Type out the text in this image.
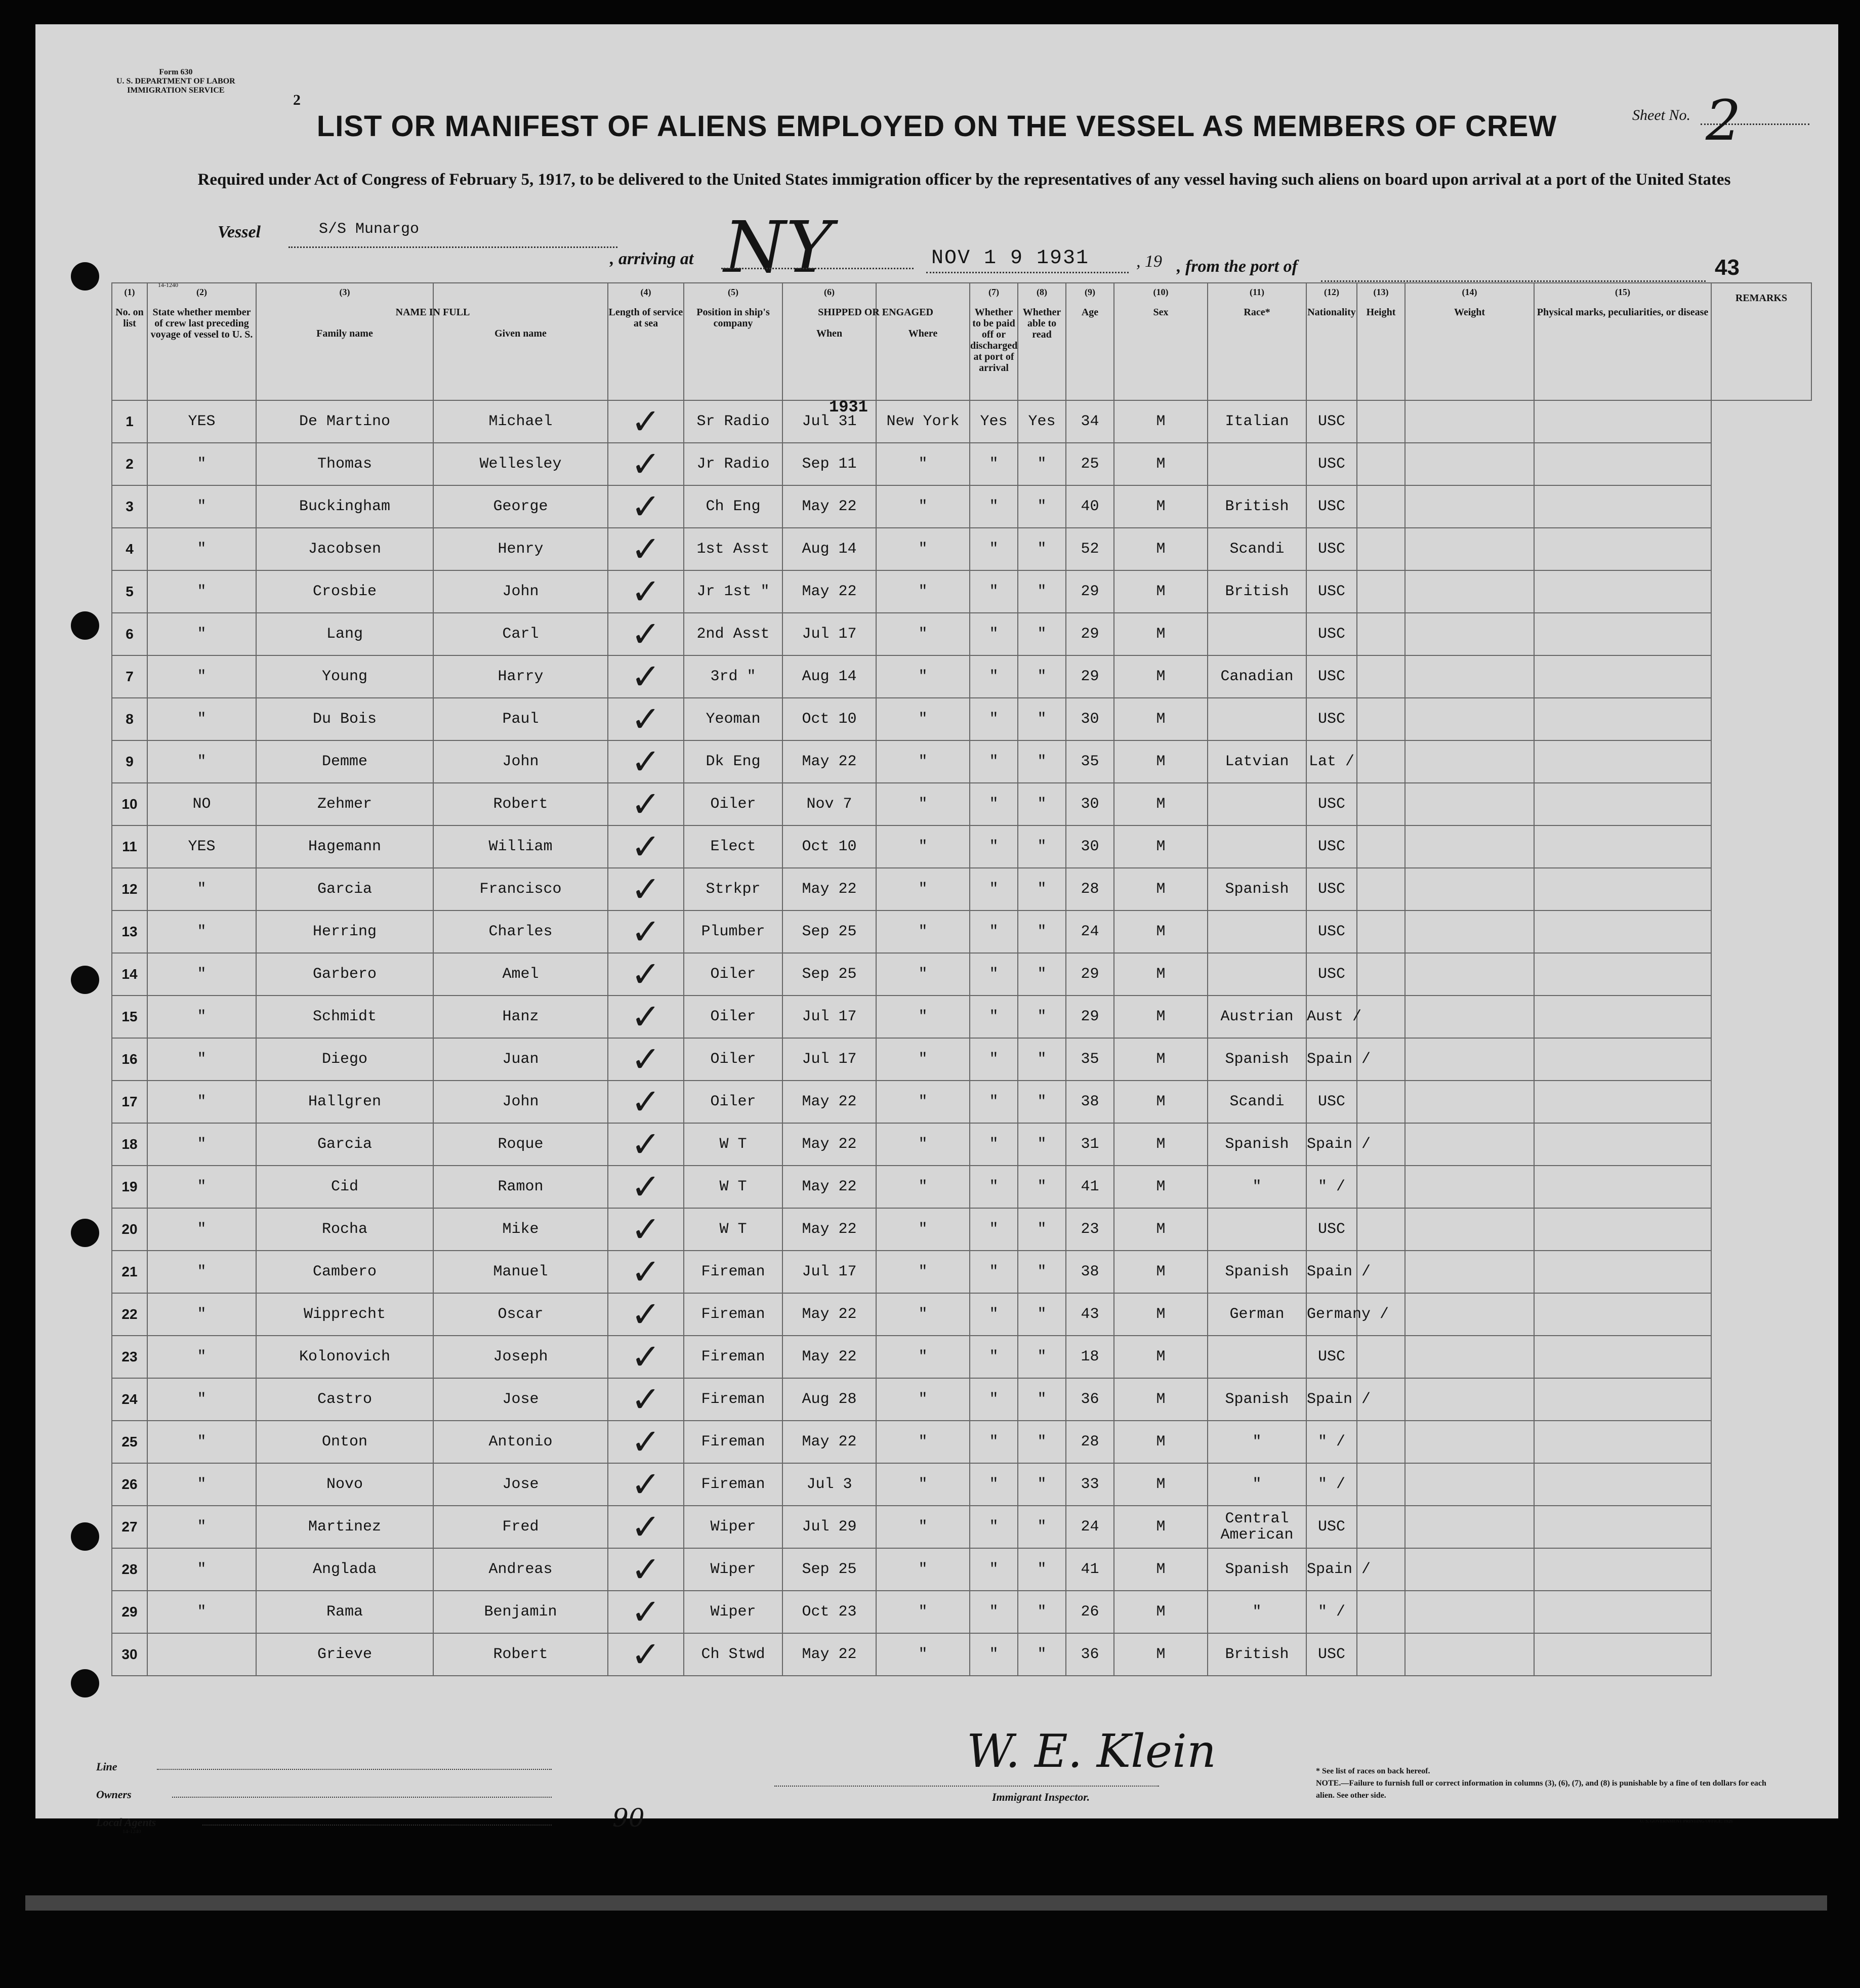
Form 630
U. S. DEPARTMENT OF LABOR
IMMIGRATION SERVICE
2
LIST OR MANIFEST OF ALIENS EMPLOYED ON THE VESSEL AS MEMBERS OF CREW	Sheet No. 2
Required under Act of Congress of February 5, 1917, to be delivered to the United States immigration officer by the representatives of any vessel having such aliens on board upon arrival at a port of the United States
Vessel	S/S Munargo
, arriving at NY	NOV 1 9 1931	, 19 , from the port of	43
14-1240
(1)
No. on list	(2)
State whether member of crew last preceding voyage of vessel to U. S.	(3)
NAME IN FULL
Family name	Given name	(4)
Length of service at sea	(5)
Position in ship's company	(6)
SHIPPED OR ENGAGED
When	Where	(7)
Whether to be paid off or discharged at port of arrival	(8)
Whether able to read	(9)
Age	(10)
Sex	(11)
Race*	(12)
Nationality	(13)
Height	(14)
Weight	(15)
Physical marks, peculiarities, or disease	REMARKS

1	YES	De Martino	Michael	✓	Sr Radio	Jul 31	New York	Yes	Yes	34	M	Italian	USC				
2	"	Thomas	Wellesley	✓	Jr Radio	Sep 11	"	"	"	25	M		USC				
3	"	Buckingham	George	✓	Ch Eng	May 22	"	"	"	40	M	British	USC				
4	"	Jacobsen	Henry	✓	1st Asst	Aug 14	"	"	"	52	M	Scandi	USC				
5	"	Crosbie	John	✓	Jr 1st "	May 22	"	"	"	29	M	British	USC				
6	"	Lang	Carl	✓	2nd Asst	Jul 17	"	"	"	29	M		USC				
7	"	Young	Harry	✓	3rd "	Aug 14	"	"	"	29	M	Canadian	USC				
8	"	Du Bois	Paul	✓	Yeoman	Oct 10	"	"	"	30	M		USC				
9	"	Demme	John	✓	Dk Eng	May 22	"	"	"	35	M	Latvian	Lat /				
10	NO	Zehmer	Robert	✓	Oiler	Nov 7	"	"	"	30	M		USC				
11	YES	Hagemann	William	✓	Elect	Oct 10	"	"	"	30	M		USC				
12	"	Garcia	Francisco	✓	Strkpr	May 22	"	"	"	28	M	Spanish	USC				
13	"	Herring	Charles	✓	Plumber	Sep 25	"	"	"	24	M		USC				
14	"	Garbero	Amel	✓	Oiler	Sep 25	"	"	"	29	M		USC				
15	"	Schmidt	Hanz	✓	Oiler	Jul 17	"	"	"	29	M	Austrian	Aust /				
16	"	Diego	Juan	✓	Oiler	Jul 17	"	"	"	35	M	Spanish	Spain /				
17	"	Hallgren	John	✓	Oiler	May 22	"	"	"	38	M	Scandi	USC				
18	"	Garcia	Roque	✓	W T	May 22	"	"	"	31	M	Spanish	Spain /				
19	"	Cid	Ramon	✓	W T	May 22	"	"	"	41	M	"	" /				
20	"	Rocha	Mike	✓	W T	May 22	"	"	"	23	M		USC				
21	"	Cambero	Manuel	✓	Fireman	Jul 17	"	"	"	38	M	Spanish	Spain /				
22	"	Wipprecht	Oscar	✓	Fireman	May 22	"	"	"	43	M	German	Germany /				
23	"	Kolonovich	Joseph	✓	Fireman	May 22	"	"	"	18	M		USC				
24	"	Castro	Jose	✓	Fireman	Aug 28	"	"	"	36	M	Spanish	Spain /				
25	"	Onton	Antonio	✓	Fireman	May 22	"	"	"	28	M	"	" /				
26	"	Novo	Jose	✓	Fireman	Jul 3	"	"	"	33	M	"	" /				
27	"	Martinez	Fred	✓	Wiper	Jul 29	"	"	"	24	M	Central American	USC				
28	"	Anglada	Andreas	✓	Wiper	Sep 25	"	"	"	41	M	Spanish	Spain /				
29	"	Rama	Benjamin	✓	Wiper	Oct 23	"	"	"	26	M	"	" /				
30		Grieve	Robert	✓	Ch Stwd	May 22	"	"	"	36	M	British	USC				
1931
Line
Owners
Local Agents
14-1240
W. E. Klein
Immigrant Inspector.
90
* See list of races on back hereof.
NOTE.—Failure to furnish full or correct information in columns (3), (6), (7), and (8) is punishable by a fine of ten dollars for each alien. See other side.
U. S. GOVERNMENT PRINTING OFFICE: 1926
